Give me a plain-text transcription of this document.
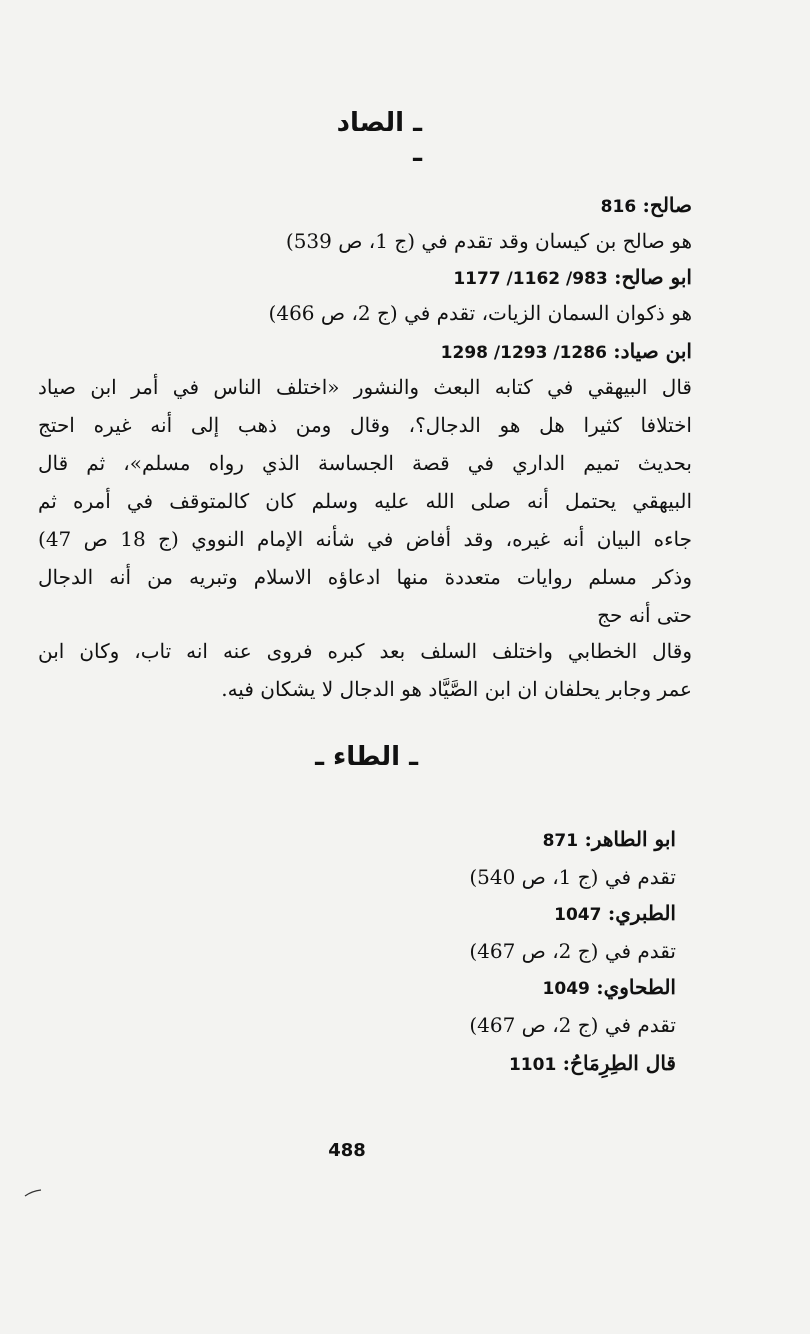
ـ الصاد ـ
صالح: 816
هو صالح بن كيسان وقد تقدم في (ج 1، ص 539)
ابو صالح: 983/ 1162/ 1177
هو ذكوان السمان الزيات، تقدم في (ج 2، ص 466)
ابن صياد: 1286/ 1293/ 1298
قال البيهقي في كتابه البعث والنشور «اختلف الناس في أمر ابن صياد
اختلافا كثيرا هل هو الدجال؟، وقال ومن ذهب إلى أنه غيره احتج
بحديث تميم الداري في قصة الجساسة الذي رواه مسلم»، ثم قال
البيهقي يحتمل أنه صلى الله عليه وسلم كان كالمتوقف في أمره ثم
جاءه البيان أنه غيره، وقد أفاض في شأنه الإمام النووي (ج 18 ص 47)
وذكر مسلم روايات متعددة منها ادعاؤه الاسلام وتبريه من أنه الدجال
حتى أنه حج
وقال الخطابي واختلف السلف بعد كبره فروى عنه انه تاب، وكان ابن
عمر وجابر يحلفان ان ابن الصَّيَّاد هو الدجال لا يشكان فيه.
ـ الطاء ـ
ابو الطاهر: 871
تقدم في (ج 1، ص 540)
الطبري: 1047
تقدم في (ج 2، ص 467)
الطحاوي: 1049
تقدم في (ج 2، ص 467)
قال الطِرِمَاحُ: 1101
488
